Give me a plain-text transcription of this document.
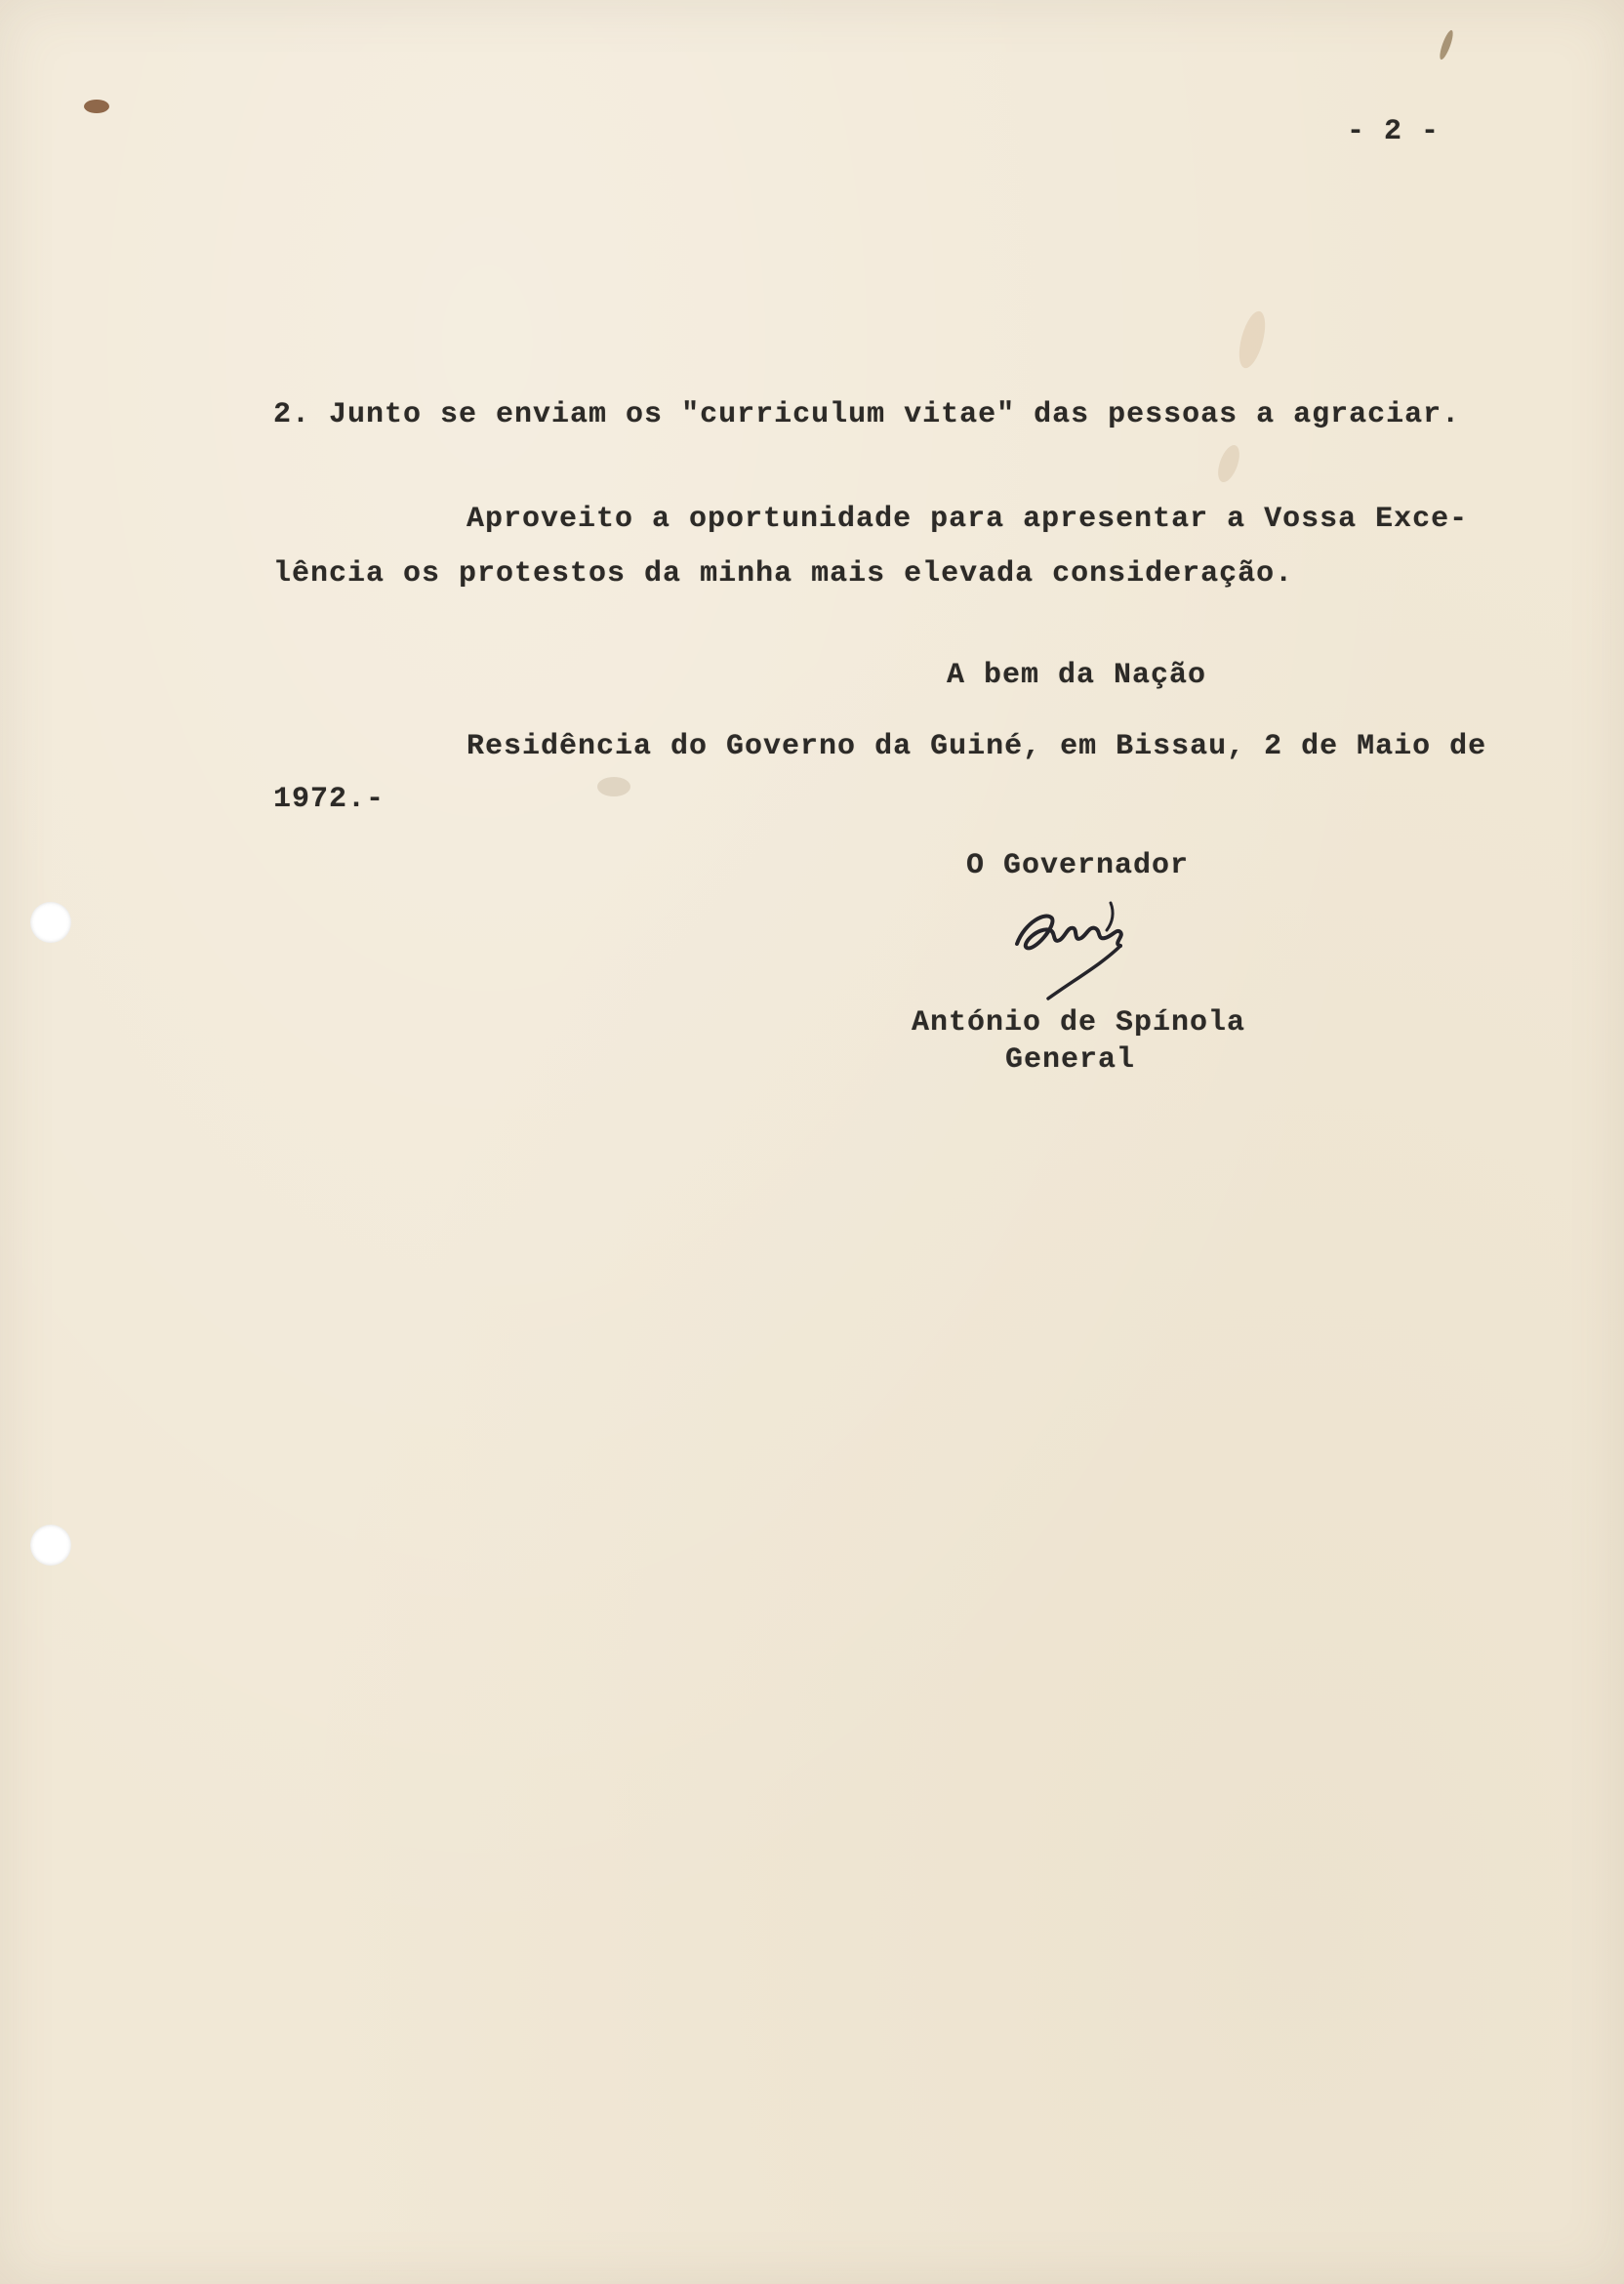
- 2 -
2. Junto se enviam os "curriculum vitae" das pessoas a agraciar.
Aproveito a oportunidade para apresentar a Vossa Exce-
lência os protestos da minha mais elevada consideração.
A bem da Nação
Residência do Governo da Guiné, em Bissau, 2 de Maio de
1972.-
O Governador
António de Spínola
General
